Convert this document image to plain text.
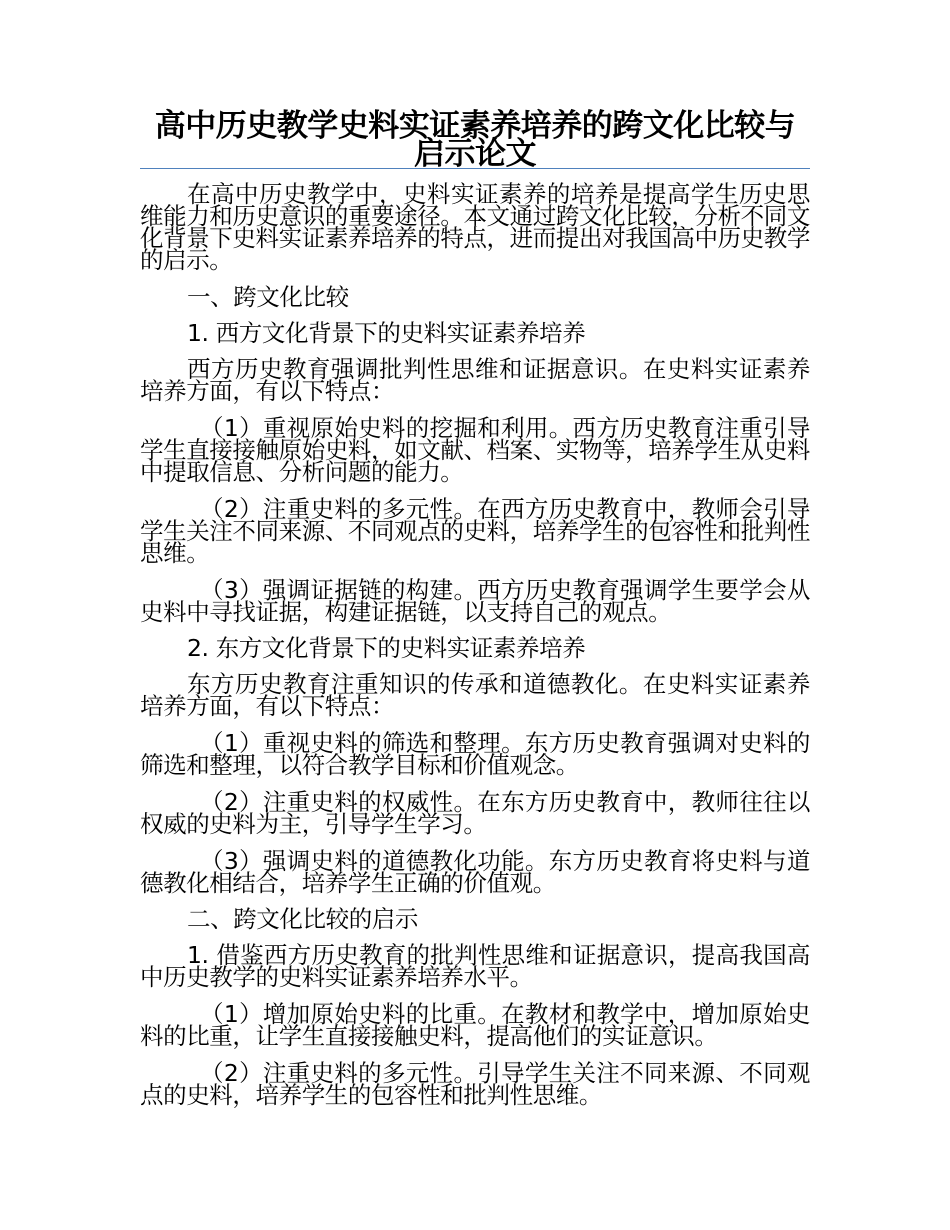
高中历史教学史料实证素养培养的跨文化比较与启示论文

在高中历史教学中，史料实证素养的培养是提高学生历史思维能力和历史意识的重要途径。本文通过跨文化比较，分析不同文化背景下史料实证素养培养的特点，进而提出对我国高中历史教学的启示。

一、跨文化比较

1. 西方文化背景下的史料实证素养培养

西方历史教育强调批判性思维和证据意识。在史料实证素养培养方面，有以下特点：

（1）重视原始史料的挖掘和利用。西方历史教育注重引导学生直接接触原始史料，如文献、档案、实物等，培养学生从史料中提取信息、分析问题的能力。

（2）注重史料的多元性。在西方历史教育中，教师会引导学生关注不同来源、不同观点的史料，培养学生的包容性和批判性思维。

（3）强调证据链的构建。西方历史教育强调学生要学会从史料中寻找证据，构建证据链，以支持自己的观点。

2. 东方文化背景下的史料实证素养培养

东方历史教育注重知识的传承和道德教化。在史料实证素养培养方面，有以下特点：

（1）重视史料的筛选和整理。东方历史教育强调对史料的筛选和整理，以符合教学目标和价值观念。

（2）注重史料的权威性。在东方历史教育中，教师往往以权威的史料为主，引导学生学习。

（3）强调史料的道德教化功能。东方历史教育将史料与道德教化相结合，培养学生正确的价值观。

二、跨文化比较的启示

1. 借鉴西方历史教育的批判性思维和证据意识，提高我国高中历史教学的史料实证素养培养水平。

（1）增加原始史料的比重。在教材和教学中，增加原始史料的比重，让学生直接接触史料，提高他们的实证意识。

（2）注重史料的多元性。引导学生关注不同来源、不同观点的史料，培养学生的包容性和批判性思维。
